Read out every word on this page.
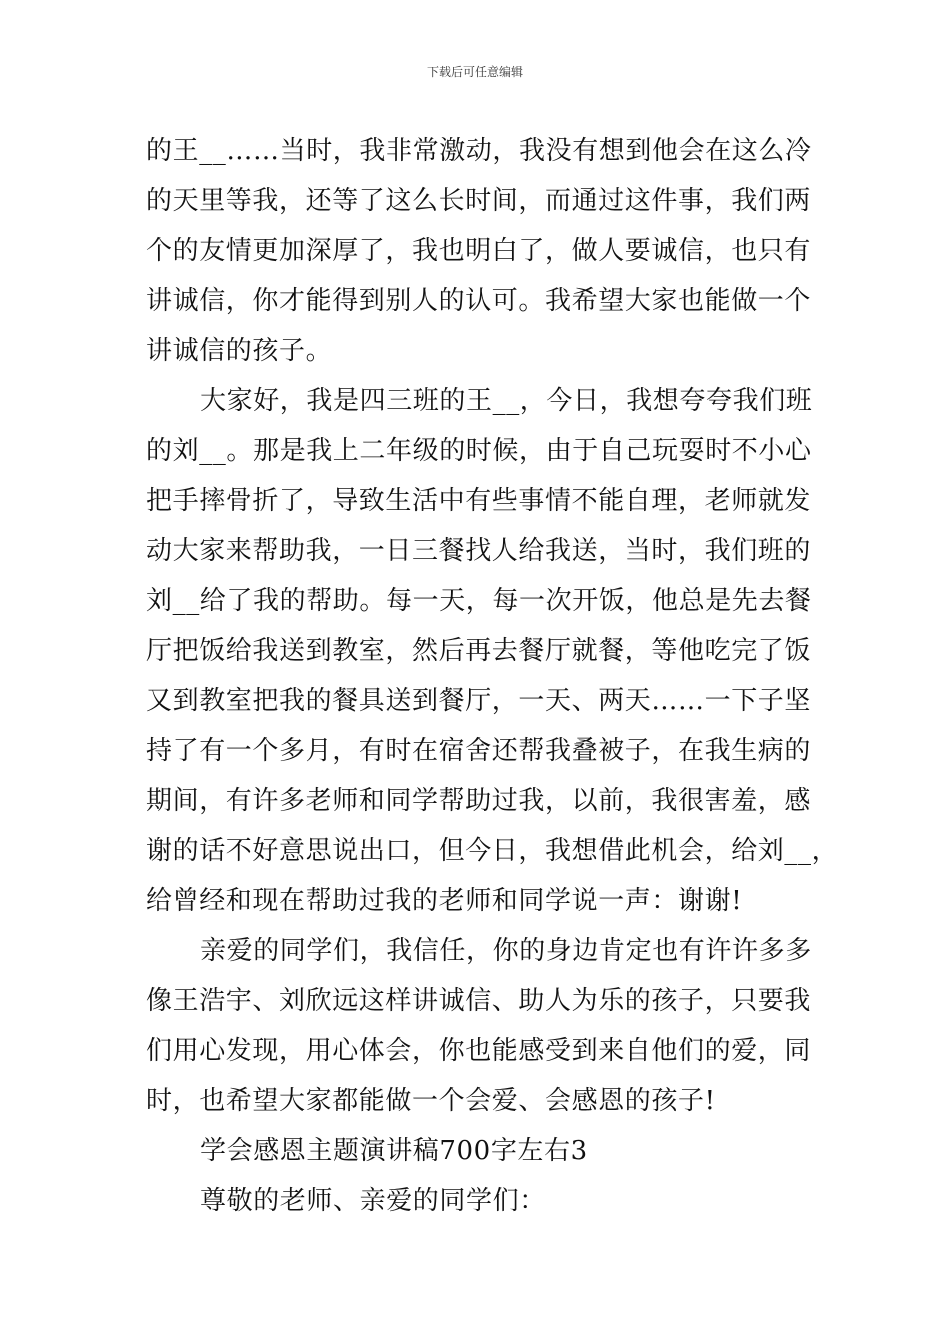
下载后可任意编辑
的王__……当时，我非常激动，我没有想到他会在这么冷
的天里等我，还等了这么长时间，而通过这件事，我们两
个的友情更加深厚了，我也明白了，做人要诚信，也只有
讲诚信，你才能得到别人的认可。我希望大家也能做一个
讲诚信的孩子。
大家好，我是四三班的王__，今日，我想夸夸我们班
的刘__。那是我上二年级的时候，由于自己玩耍时不小心
把手摔骨折了，导致生活中有些事情不能自理，老师就发
动大家来帮助我，一日三餐找人给我送，当时，我们班的
刘__给了我的帮助。每一天，每一次开饭，他总是先去餐
厅把饭给我送到教室，然后再去餐厅就餐，等他吃完了饭
又到教室把我的餐具送到餐厅，一天、两天……一下子坚
持了有一个多月，有时在宿舍还帮我叠被子，在我生病的
期间，有许多老师和同学帮助过我，以前，我很害羞，感
谢的话不好意思说出口，但今日，我想借此机会，给刘__，
给曾经和现在帮助过我的老师和同学说一声：谢谢!
亲爱的同学们，我信任，你的身边肯定也有许许多多
像王浩宇、刘欣远这样讲诚信、助人为乐的孩子，只要我
们用心发现，用心体会，你也能感受到来自他们的爱，同
时，也希望大家都能做一个会爱、会感恩的孩子!
学会感恩主题演讲稿700字左右3
尊敬的老师、亲爱的同学们：
